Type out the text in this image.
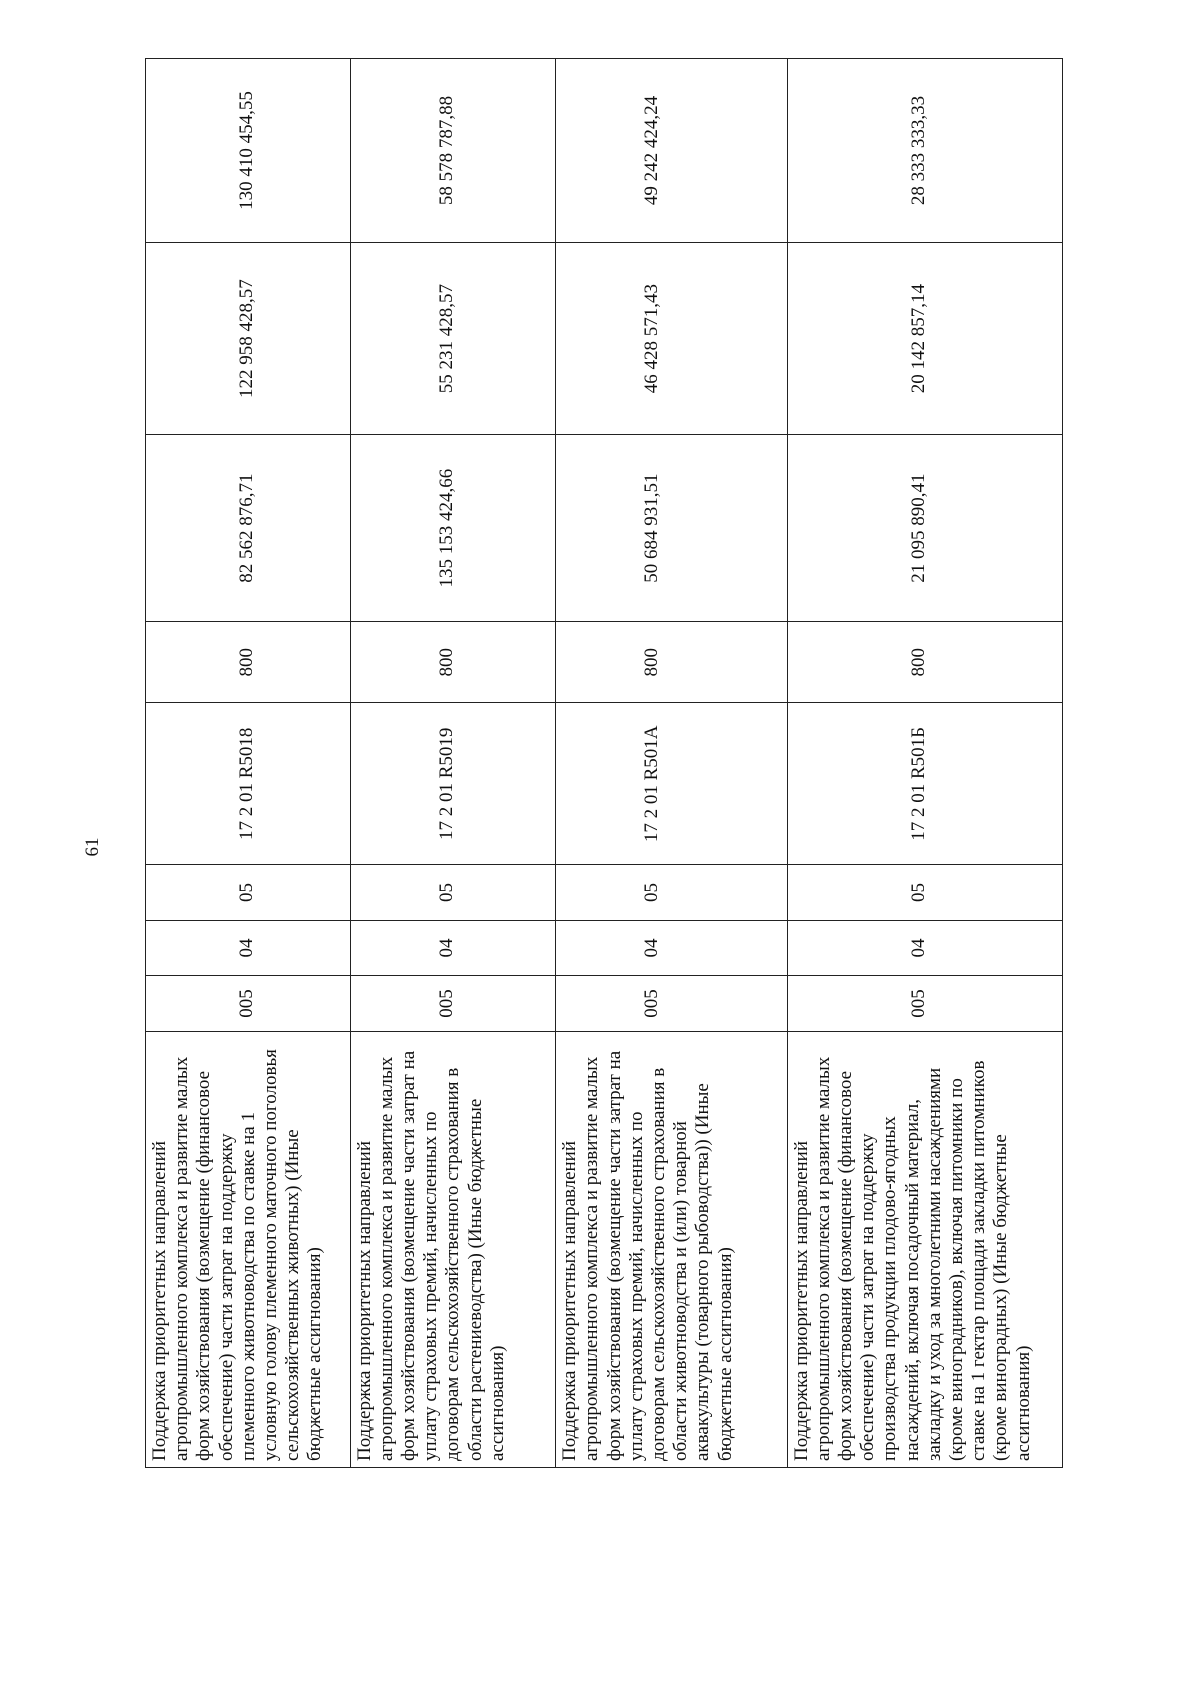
61
Поддержка приоритетных направлений агропромышленного комплекса и развитие малых форм хозяйствования (возмещение (финансовое обеспечение) части затрат на поддержку племенного животноводства по ставке на 1 условную голову племенного маточного поголовья сельскохозяйственных животных) (Иные бюджетные ассигнования)
005
04
05
17 2 01 R5018
800
82 562 876,71
122 958 428,57
130 410 454,55
Поддержка приоритетных направлений агропромышленного комплекса и развитие малых форм хозяйствования (возмещение части затрат на уплату страховых премий, начисленных по договорам сельскохозяйственного страхования в области растениеводства) (Иные бюджетные ассигнования)
005
04
05
17 2 01 R5019
800
135 153 424,66
55 231 428,57
58 578 787,88
Поддержка приоритетных направлений агропромышленного комплекса и развитие малых форм хозяйствования (возмещение части затрат на уплату страховых премий, начисленных по договорам сельскохозяйственного страхования в области животноводства и (или) товарной аквакультуры (товарного рыбоводства)) (Иные бюджетные ассигнования)
005
04
05
17 2 01 R501A
800
50 684 931,51
46 428 571,43
49 242 424,24
Поддержка приоритетных направлений агропромышленного комплекса и развитие малых форм хозяйствования (возмещение (финансовое обеспечение) части затрат на поддержку производства продукции плодово-ягодных насаждений, включая посадочный материал, закладку и уход за многолетними насаждениями (кроме виноградников), включая питомники по ставке на 1 гектар площади закладки питомников (кроме виноградных) (Иные бюджетные ассигнования)
005
04
05
17 2 01 R501Б
800
21 095 890,41
20 142 857,14
28 333 333,33
